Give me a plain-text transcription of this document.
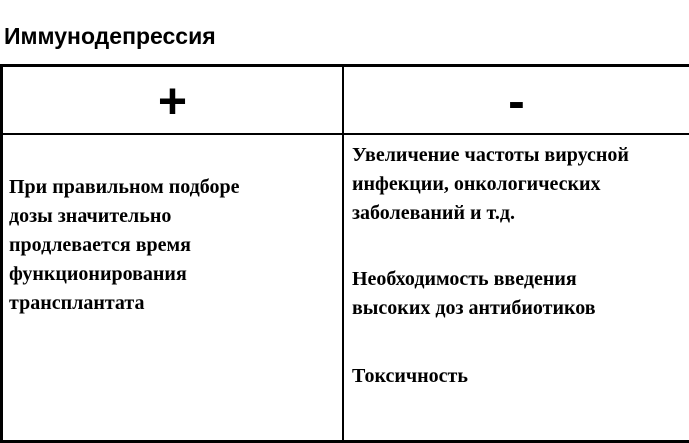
Иммунодепрессия
+	-

При правильном подборе
дозы значительно
продлевается время
функционирования
трансплантата

Увеличение частоты вирусной
инфекции, онкологических
заболеваний и т.д.

Необходимость введения
высоких доз антибиотиков

Токсичность
